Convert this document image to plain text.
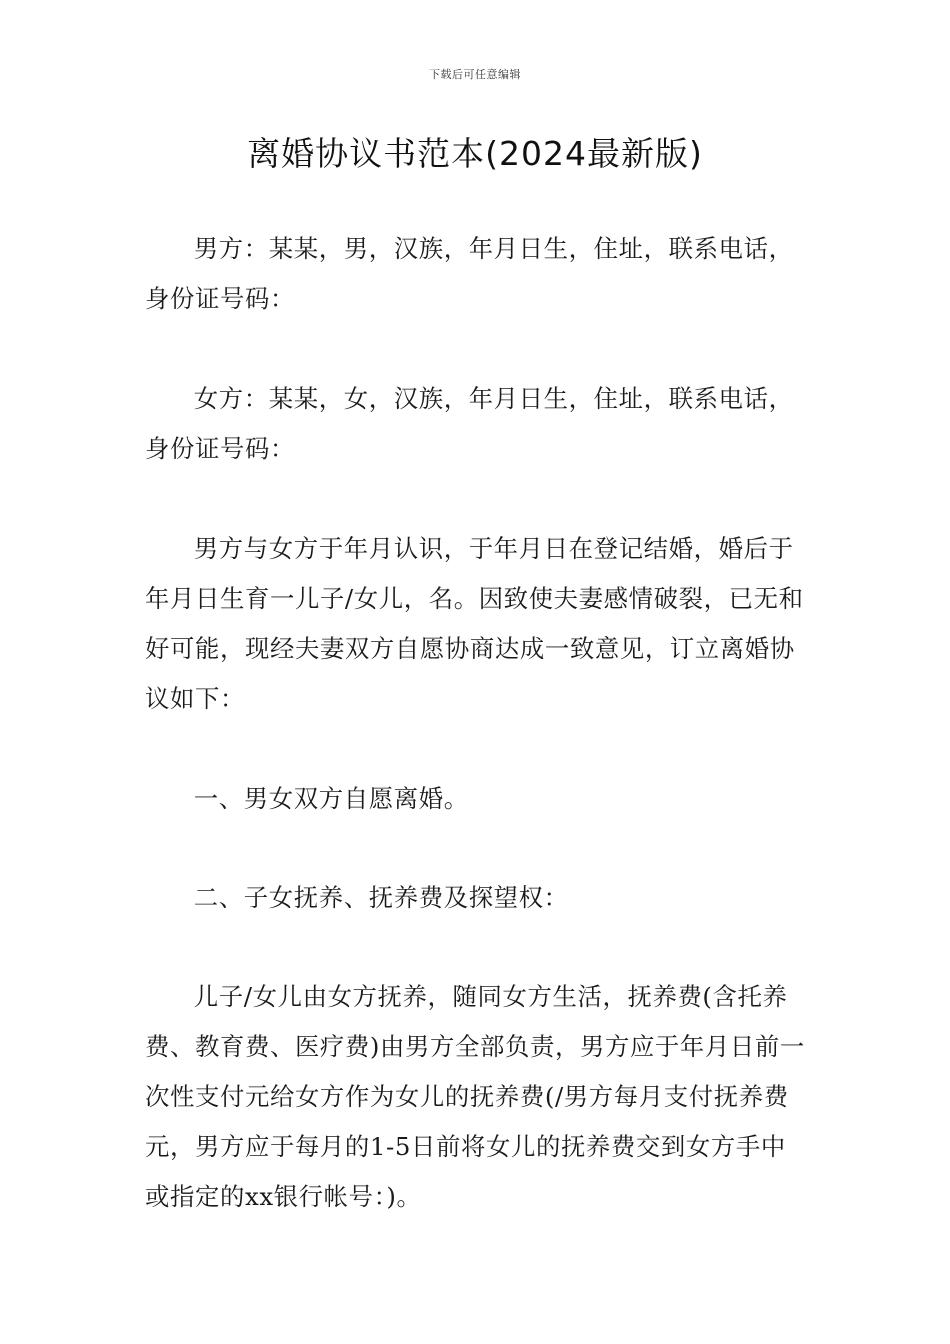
下载后可任意编辑
离婚协议书范本(2024最新版)

男方：某某，男，汉族，年月日生，住址，联系电话，身份证号码：

女方：某某，女，汉族，年月日生，住址，联系电话，身份证号码：

男方与女方于年月认识，于年月日在登记结婚，婚后于年月日生育一儿子/女儿，名。因致使夫妻感情破裂，已无和好可能，现经夫妻双方自愿协商达成一致意见，订立离婚协议如下：

一、男女双方自愿离婚。

二、子女抚养、抚养费及探望权：

儿子/女儿由女方抚养，随同女方生活，抚养费(含托养费、教育费、医疗费)由男方全部负责，男方应于年月日前一次性支付元给女方作为女儿的抚养费(/男方每月支付抚养费元，男方应于每月的1-5日前将女儿的抚养费交到女方手中或指定的xx银行帐号：)。
